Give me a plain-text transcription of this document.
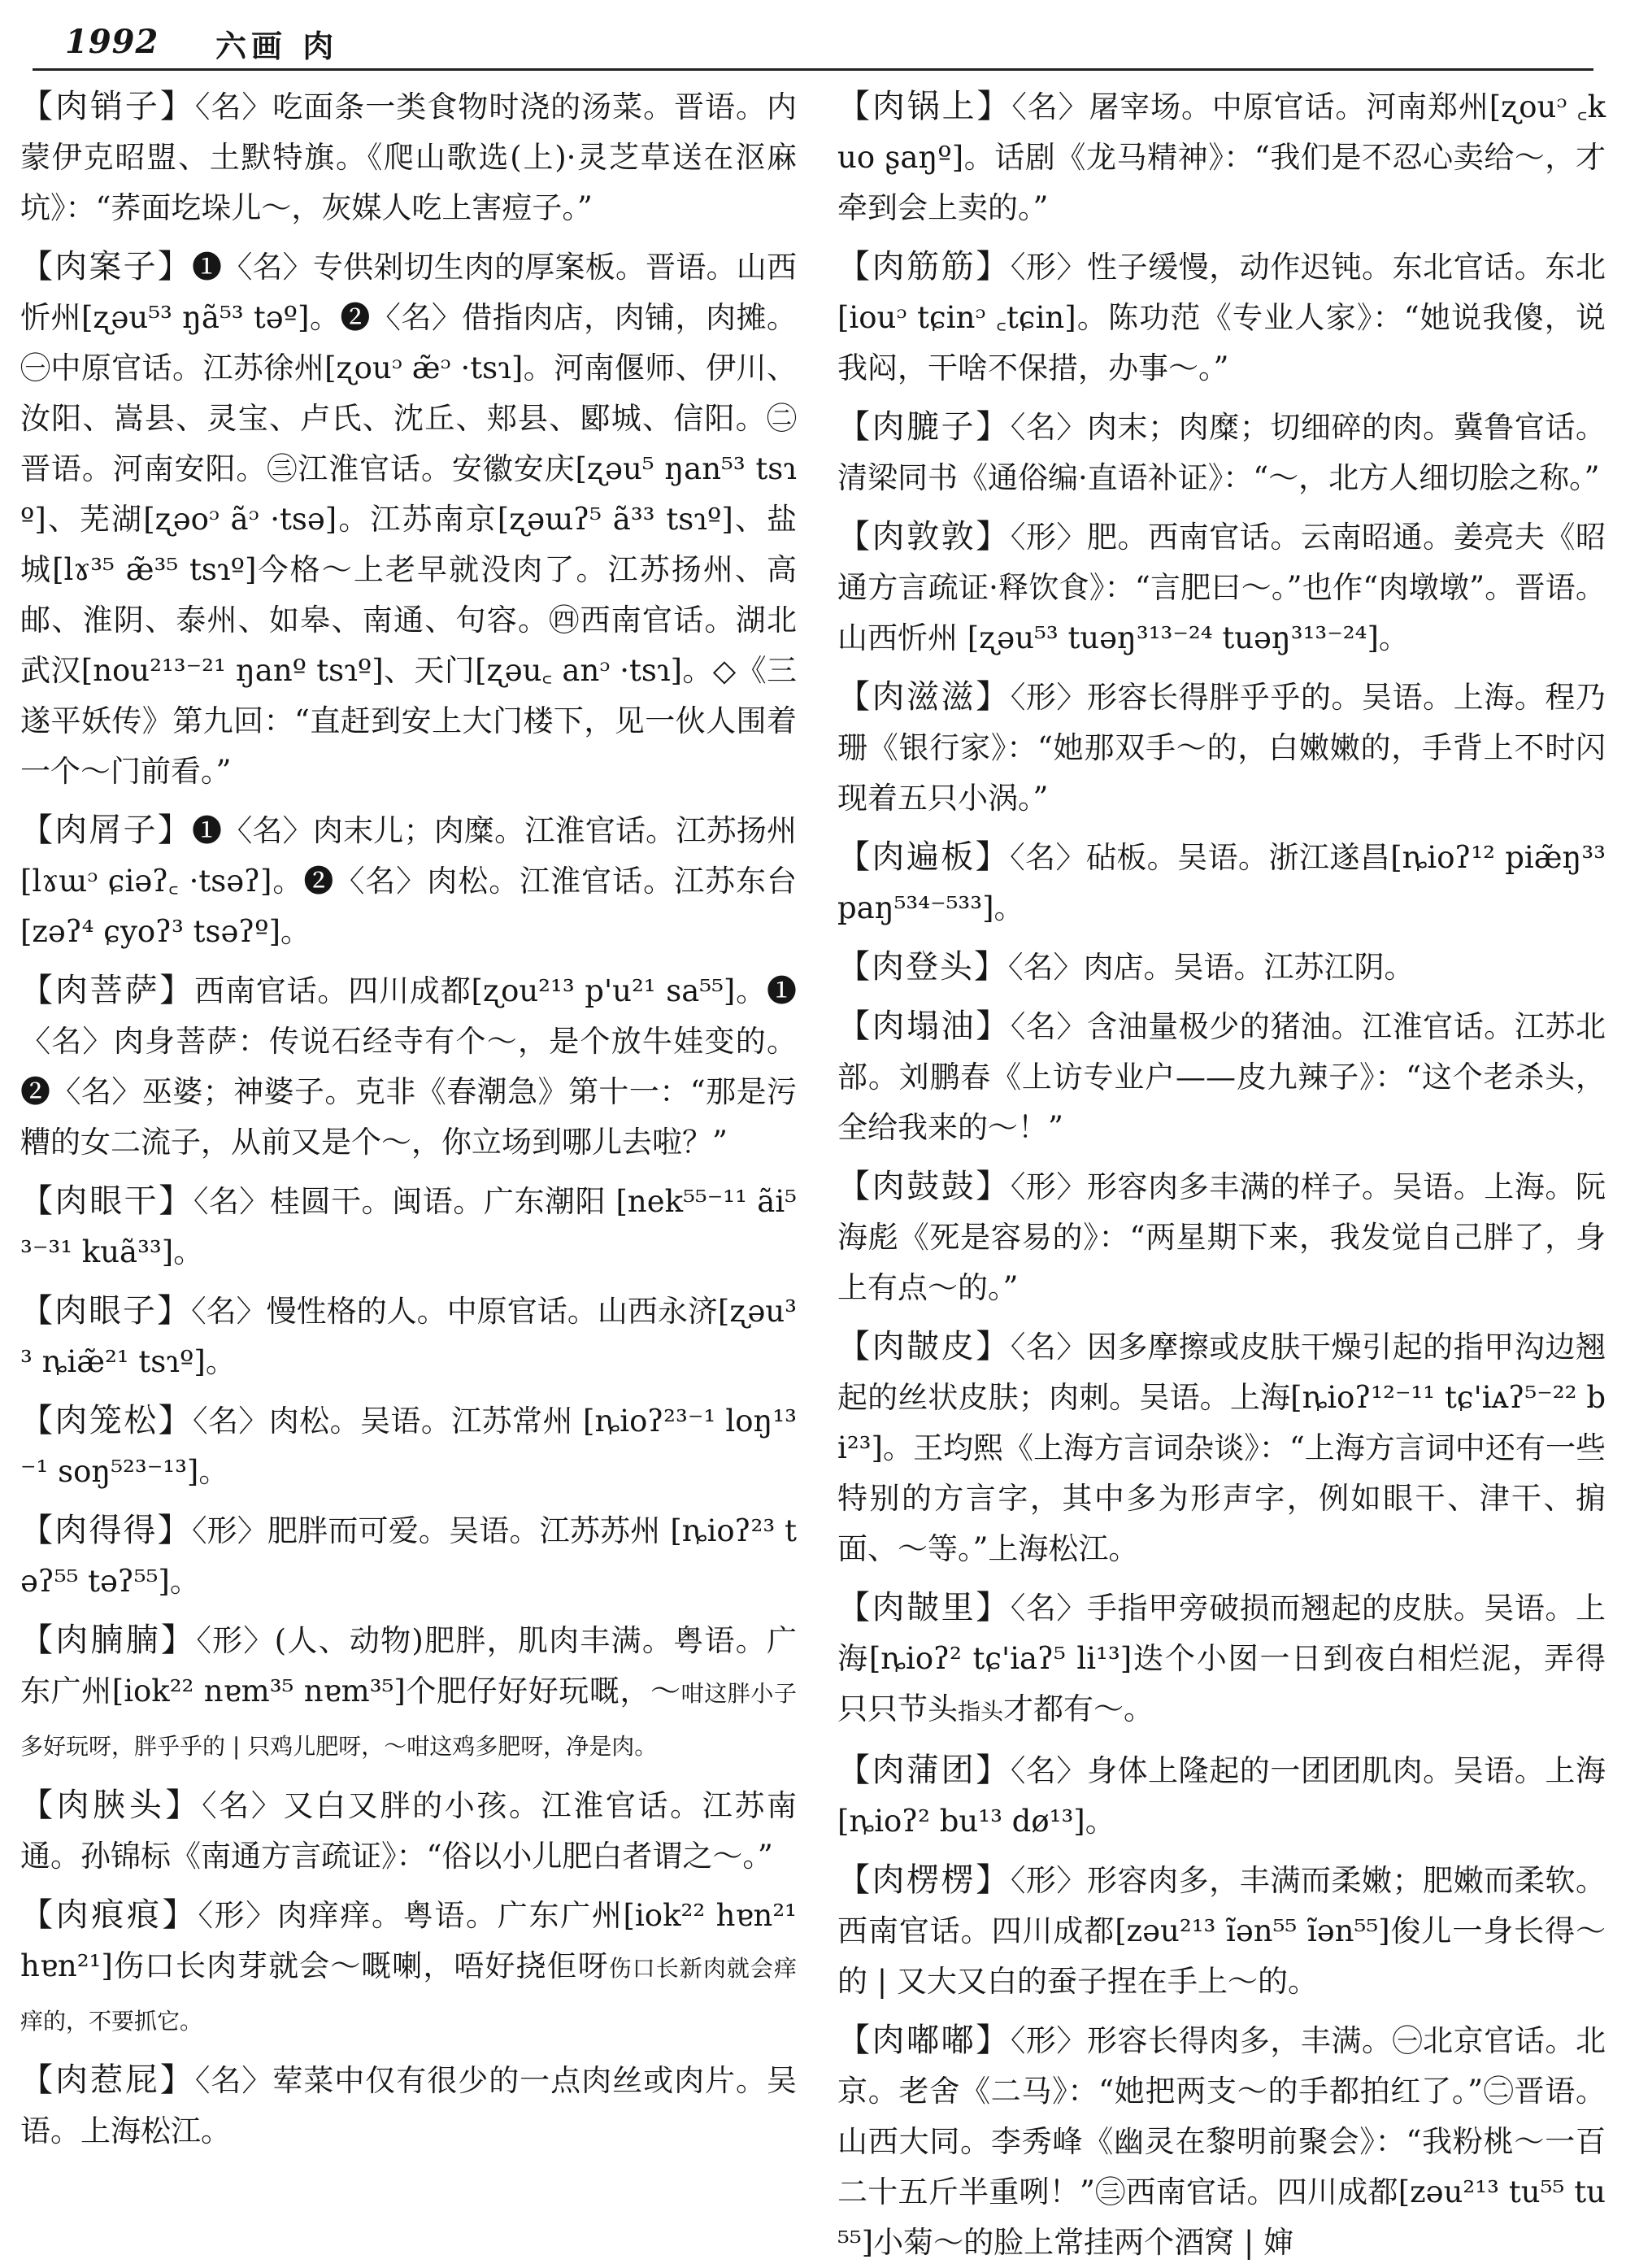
1992 六画 肉

【肉销子】〈名〉吃面条一类食物时浇的汤菜。晋语。内蒙伊克昭盟、土默特旗。《爬山歌选(上)·灵芝草送在沤麻坑》：“荞面圪垛儿～，灰媒人吃上害痘子。”

【肉案子】❶〈名〉专供剁切生肉的厚案板。晋语。山西忻州[ʐəu⁵³ ŋã⁵³ təº]。❷〈名〉借指肉店，肉铺，肉摊。㊀中原官话。江苏徐州[ʐouᵓ æ̃ᵓ ·tsɿ]。河南偃师、伊川、汝阳、嵩县、灵宝、卢氏、沈丘、郏县、郾城、信阳。㊁晋语。河南安阳。㊂江淮官话。安徽安庆[ʐəu⁵ ŋan⁵³ tsɿº]、芜湖[ʐəoᵓ ãᵓ ·tsə]。江苏南京[ʐəɯʔ⁵ ã³³ tsɿº]、盐城[lɤ³⁵ æ̃³⁵ tsɿº]今格～上老早就没肉了。江苏扬州、高邮、淮阴、泰州、如皋、南通、句容。㊃西南官话。湖北武汉[nou²¹³⁻²¹ ŋanº tsɿº]、天门[ʐəu꜀ anᵓ ·tsɿ]。◇《三遂平妖传》第九回：“直赶到安上大门楼下，见一伙人围着一个～门前看。”

【肉屑子】❶〈名〉肉末儿；肉糜。江淮官话。江苏扬州[lɤɯᵓ ɕiəʔ꜀ ·tsəʔ]。❷〈名〉肉松。江淮官话。江苏东台[zəʔ⁴ ɕyoʔ³ tsəʔº]。

【肉菩萨】西南官话。四川成都[ʐou²¹³ p'u²¹ sa⁵⁵]。❶〈名〉肉身菩萨：传说石经寺有个～，是个放牛娃变的。❷〈名〉巫婆；神婆子。克非《春潮急》第十一：“那是污糟的女二流子，从前又是个～，你立场到哪儿去啦？”

【肉眼干】〈名〉桂圆干。闽语。广东潮阳 [nek⁵⁵⁻¹¹ ãi⁵³⁻³¹ kuã³³]。

【肉眼子】〈名〉慢性格的人。中原官话。山西永济[ʐəu³³ ȵiæ̃²¹ tsɿº]。

【肉笼松】〈名〉肉松。吴语。江苏常州 [ȵioʔ²³⁻¹ loŋ¹³⁻¹ soŋ⁵²³⁻¹³]。

【肉得得】〈形〉肥胖而可爱。吴语。江苏苏州 [ȵioʔ²³ təʔ⁵⁵ təʔ⁵⁵]。

【肉腩腩】〈形〉(人、动物)肥胖，肌肉丰满。粤语。广东广州[iok²² nɐm³⁵ nɐm³⁵]个肥仔好好玩嘅，～咁这胖小子多好玩呀，胖乎乎的 | 只鸡儿肥呀，～咁这鸡多肥呀，净是肉。

【肉脥头】〈名〉又白又胖的小孩。江淮官话。江苏南通。孙锦标《南通方言疏证》：“俗以小儿肥白者谓之～。”

【肉痕痕】〈形〉肉痒痒。粤语。广东广州[iok²² hɐn²¹ hɐn²¹]伤口长肉芽就会～嘅喇，唔好挠佢呀伤口长新肉就会痒痒的，不要抓它。

【肉惹屁】〈名〉荤菜中仅有很少的一点肉丝或肉片。吴语。上海松江。

【肉锅上】〈名〉屠宰场。中原官话。河南郑州[ʐouᵓ ꜀kuo ʂaŋº]。话剧《龙马精神》：“我们是不忍心卖给～，才牵到会上卖的。”

【肉筋筋】〈形〉性子缓慢，动作迟钝。东北官话。东北[iouᵓ tɕinᵓ ꜀tɕin]。陈功范《专业人家》：“她说我傻，说我闷，干啥不保措，办事～。”

【肉膔子】〈名〉肉末；肉糜；切细碎的肉。冀鲁官话。清梁同书《通俗编·直语补证》：“～，北方人细切脍之称。”

【肉敦敦】〈形〉肥。西南官话。云南昭通。姜亮夫《昭通方言疏证·释饮食》：“言肥曰～。”也作“肉墩墩”。晋语。山西忻州 [ʐəu⁵³ tuəŋ³¹³⁻²⁴ tuəŋ³¹³⁻²⁴]。

【肉滋滋】〈形〉形容长得胖乎乎的。吴语。上海。程乃珊《银行家》：“她那双手～的，白嫩嫩的，手背上不时闪现着五只小涡。”

【肉遍板】〈名〉砧板。吴语。浙江遂昌[ȵioʔ¹² piæ̃ŋ³³ paŋ⁵³⁴⁻⁵³³]。

【肉登头】〈名〉肉店。吴语。江苏江阴。

【肉塌油】〈名〉含油量极少的猪油。江淮官话。江苏北部。刘鹏春《上访专业户——皮九辣子》：“这个老杀头，全给我来的～！”

【肉鼓鼓】〈形〉形容肉多丰满的样子。吴语。上海。阮海彪《死是容易的》：“两星期下来，我发觉自己胖了，身上有点～的。”

【肉皵皮】〈名〉因多摩擦或皮肤干燥引起的指甲沟边翘起的丝状皮肤；肉刺。吴语。上海[ȵioʔ¹²⁻¹¹ tɕ'iᴀʔ⁵⁻²² bi²³]。王均熙《上海方言词杂谈》：“上海方言词中还有一些特别的方言字，其中多为形声字，例如眼干、津干、掮面、～等。”上海松江。

【肉皵里】〈名〉手指甲旁破损而翘起的皮肤。吴语。上海[ȵioʔ² tɕ'iaʔ⁵ li¹³]迭个小囡一日到夜白相烂泥，弄得只只节头指头才都有～。

【肉蒲团】〈名〉身体上隆起的一团团肌肉。吴语。上海[ȵioʔ² bu¹³ dø¹³]。

【肉楞楞】〈形〉形容肉多，丰满而柔嫩；肥嫩而柔软。西南官话。四川成都[zəu²¹³ ĩən⁵⁵ ĩən⁵⁵]俊儿一身长得～的 | 又大又白的蚕子捏在手上～的。

【肉嘟嘟】〈形〉形容长得肉多，丰满。㊀北京官话。北京。老舍《二马》：“她把两支～的手都拍红了。”㊁晋语。山西大同。李秀峰《幽灵在黎明前聚会》：“我粉桃～一百二十五斤半重咧！”㊂西南官话。四川成都[zəu²¹³ tu⁵⁵ tu⁵⁵]小菊～的脸上常挂两个酒窝 | 婶
